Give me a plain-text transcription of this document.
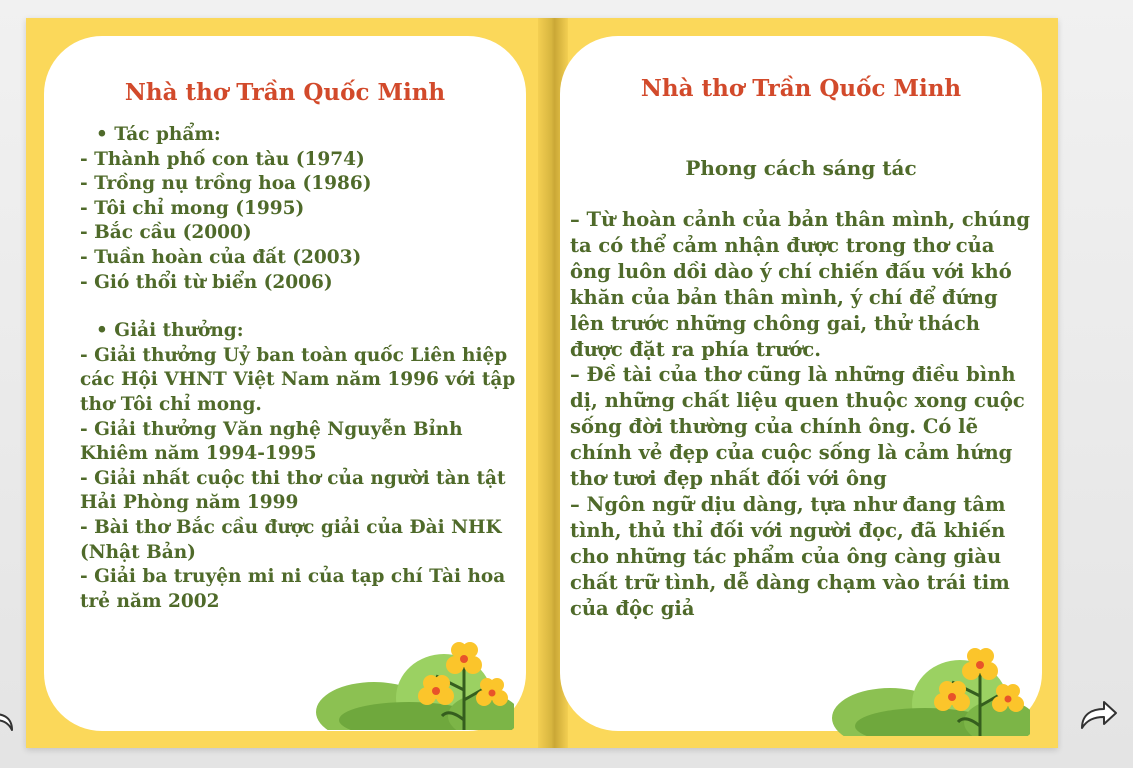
Nhà thơ Trần Quốc Minh

• Tác phẩm:

- Thành phố con tàu (1974)

- Trồng nụ trồng hoa (1986)

- Tôi chỉ mong (1995)

- Bắc cầu (2000)

- Tuần hoàn của đất (2003)

- Gió thổi từ biển (2006)

• Giải thưởng:

- Giải thưởng Uỷ ban toàn quốc Liên hiệp các Hội VHNT Việt Nam năm 1996 với tập thơ Tôi chỉ mong.

- Giải thưởng Văn nghệ Nguyễn Bỉnh Khiêm năm 1994-1995

- Giải nhất cuộc thi thơ của người tàn tật Hải Phòng năm 1999

- Bài thơ Bắc cầu được giải của Đài NHK (Nhật Bản)

- Giải ba truyện mi ni của tạp chí Tài hoa trẻ năm 2002

Nhà thơ Trần Quốc Minh
Phong cách sáng tác

– Từ hoàn cảnh của bản thân mình, chúng ta có thể cảm nhận được trong thơ của ông luôn dồi dào ý chí chiến đấu với khó khăn của bản thân mình, ý chí để đứng lên trước những chông gai, thử thách được đặt ra phía trước.

– Đề tài của thơ cũng là những điều bình dị, những chất liệu quen thuộc xong cuộc sống đời thường của chính ông. Có lẽ chính vẻ đẹp của cuộc sống là cảm hứng thơ tươi đẹp nhất đối với ông

– Ngôn ngữ dịu dàng, tựa như đang tâm tình, thủ thỉ đối với người đọc, đã khiến cho những tác phẩm của ông càng giàu chất trữ tình, dễ dàng chạm vào trái tim của độc giả
